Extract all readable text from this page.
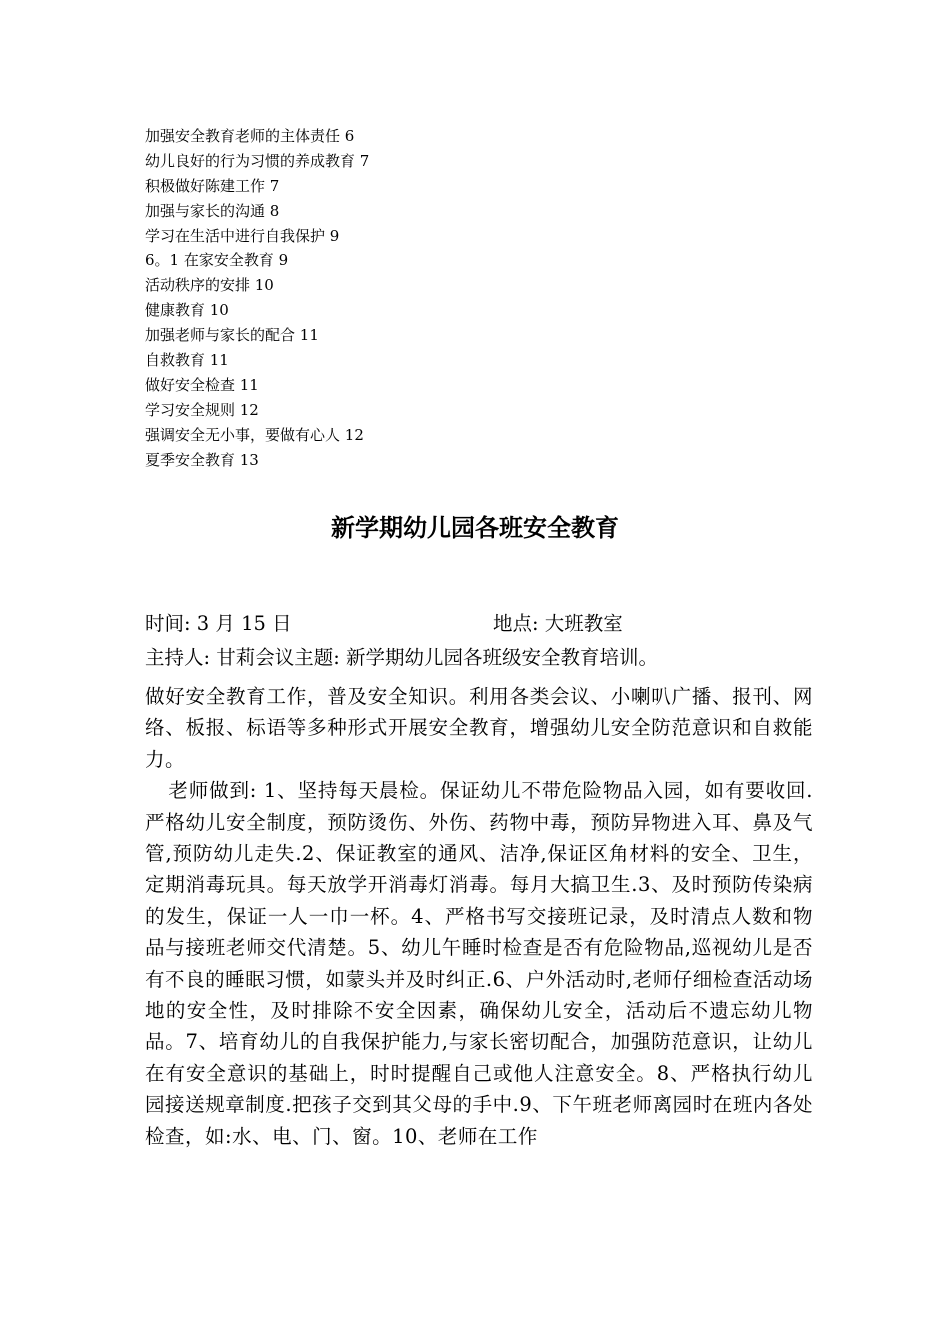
加强安全教育老师的主体责任 6
幼儿良好的行为习惯的养成教育 7
积极做好陈建工作 7
加强与家长的沟通 8
学习在生活中进行自我保护 9
6。1 在家安全教育 9
活动秩序的安排 10
健康教育 10
加强老师与家长的配合 11
自救教育 11
做好安全检查 11
学习安全规则 12
强调安全无小事，要做有心人 12
夏季安全教育 13
新学期幼儿园各班安全教育
时间: 3 月 15 日	地点: 大班教室
主持人: 甘莉会议主题: 新学期幼儿园各班级安全教育培训。

做好安全教育工作，普及安全知识。利用各类会议、小喇叭广播、报刊、网络、板报、标语等多种形式开展安全教育，增强幼儿安全防范意识和自救能力。

老师做到: 1、坚持每天晨检。保证幼儿不带危险物品入园，如有要收回.严格幼儿安全制度，预防烫伤、外伤、药物中毒，预防异物进入耳、鼻及气管,预防幼儿走失.2、保证教室的通风、洁净,保证区角材料的安全、卫生，定期消毒玩具。每天放学开消毒灯消毒。每月大搞卫生.3、及时预防传染病的发生，保证一人一巾一杯。4、严格书写交接班记录，及时清点人数和物品与接班老师交代清楚。5、幼儿午睡时检查是否有危险物品,巡视幼儿是否有不良的睡眠习惯，如蒙头并及时纠正.6、户外活动时,老师仔细检查活动场地的安全性，及时排除不安全因素，确保幼儿安全，活动后不遗忘幼儿物品。7、培育幼儿的自我保护能力,与家长密切配合，加强防范意识，让幼儿在有安全意识的基础上，时时提醒自己或他人注意安全。8、严格执行幼儿园接送规章制度.把孩子交到其父母的手中.9、下午班老师离园时在班内各处检查，如:水、电、门、窗。10、老师在工作
